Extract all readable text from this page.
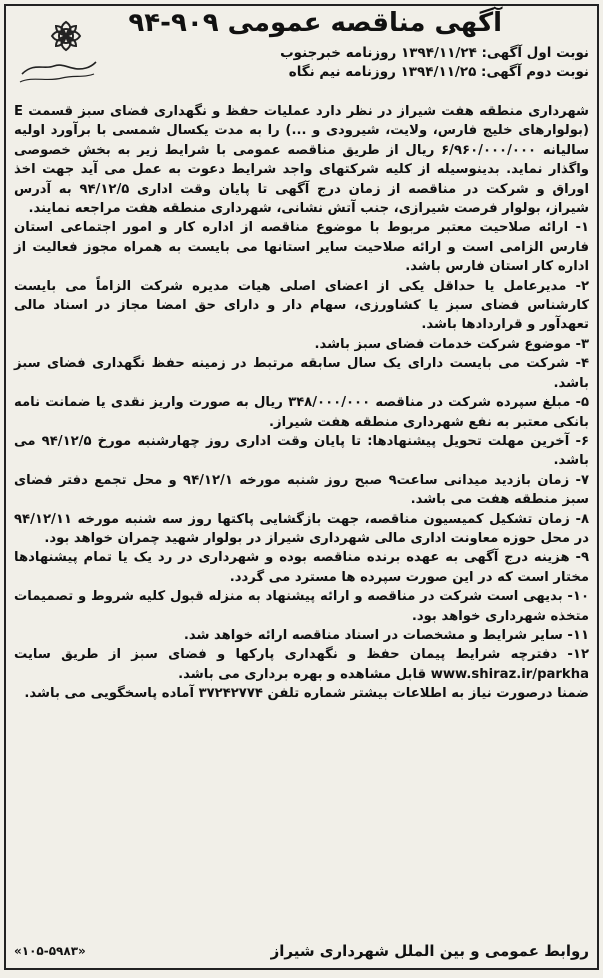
آگهی مناقصه عمومی ۹۰۹-۹۴
نوبت اول آگهی: ۱۳۹۴/۱۱/۲۴ روزنامه خبرجنوب
نوبت دوم آگهی: ۱۳۹۴/۱۱/۲۵ روزنامه نیم نگاه

شهرداری منطقه هفت شیراز در نظر دارد عملیات حفظ و نگهداری فضای سبز قسمت E (بولوارهای خلیج فارس، ولایت، شیرودی و ...) را به مدت یکسال شمسی با برآورد اولیه سالیانه ۶/۹۶۰/۰۰۰/۰۰۰ ریال از طریق مناقصه عمومی با شرایط زیر به بخش خصوصی واگذار نماید. بدینوسیله از کلیه شرکتهای واجد شرایط دعوت به عمل می آید جهت اخذ اوراق و شرکت در مناقصه از زمان درج آگهی تا پایان وقت اداری ۹۴/۱۲/۵ به آدرس شیراز، بولوار فرصت شیرازی، جنب آتش نشانی، شهرداری منطقه هفت مراجعه نمایند.

۱- ارائه صلاحیت معتبر مربوط با موضوع مناقصه از اداره کار و امور اجتماعی استان فارس الزامی است و ارائه صلاحیت سایر استانها می بایست به همراه مجوز فعالیت از اداره کار استان فارس باشد.

۲- مدیرعامل یا حداقل یکی از اعضای اصلی هیات مدیره شرکت الزاماً می بایست کارشناس فضای سبز یا کشاورزی، سهام دار و دارای حق امضا مجاز در اسناد مالی تعهدآور و قراردادها باشد.

۳- موضوع شرکت خدمات فضای سبز باشد.

۴- شرکت می بایست دارای یک سال سابقه مرتبط در زمینه حفظ نگهداری فضای سبز باشد.

۵- مبلغ سپرده شرکت در مناقصه ۳۴۸/۰۰۰/۰۰۰ ریال به صورت واریز نقدی یا ضمانت نامه بانکی معتبر به نفع شهرداری منطقه هفت شیراز.

۶- آخرین مهلت تحویل پیشنهادها: تا پایان وقت اداری روز چهارشنبه مورخ ۹۴/۱۲/۵ می باشد.

۷- زمان بازدید میدانی ساعت۹ صبح روز شنبه مورخه ۹۴/۱۲/۱ و محل تجمع دفتر فضای سبز منطقه هفت می باشد.

۸- زمان تشکیل کمیسیون مناقصه، جهت بازگشایی پاکتها روز سه شنبه مورخه ۹۴/۱۲/۱۱ در محل حوزه معاونت اداری مالی شهرداری شیراز در بولوار شهید چمران خواهد بود.

۹- هزینه درج آگهی به عهده برنده مناقصه بوده و شهرداری در رد یک یا تمام پیشنهادها مختار است که در این صورت سپرده ها مسترد می گردد.

۱۰- بدیهی است شرکت در مناقصه و ارائه پیشنهاد به منزله قبول کلیه شروط و تصمیمات متخذه شهرداری خواهد بود.

۱۱- سایر شرایط و مشخصات در اسناد مناقصه ارائه خواهد شد.

۱۲- دفترچه شرایط پیمان حفظ و نگهداری پارکها و فضای سبز از طریق سایت www.shiraz.ir/parkha قابل مشاهده و بهره برداری می باشد.

ضمنا درصورت نیاز به اطلاعات بیشتر شماره تلفن ۳۷۲۴۲۷۷۴ آماده پاسخگویی می باشد.

روابط عمومی و بین الملل شهرداری شیراز
«۱۰۵-۵۹۸۳»
